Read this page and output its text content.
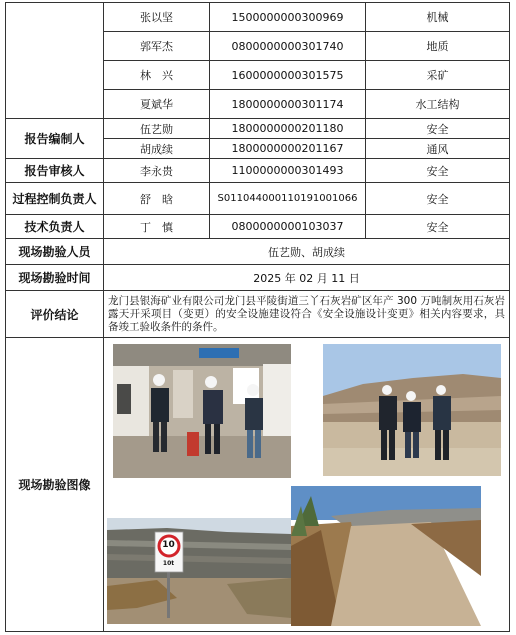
	张以坚	1500000000300969	机械
	郭军杰	0800000000301740	地质
	林　兴	1600000000301575	采矿
	夏斌华	1800000000301174	水工结构
报告编制人	伍艺勋	1800000000201180	安全
	胡成续	1800000000201167	通风
报告审核人	李永贵	1100000000301493	安全
过程控制负责人	舒　晗	S011044000110191001066	安全
技术负责人	丁　慎	0800000000103037	安全
现场勘验人员	伍艺勋、胡成续		
现场勘验时间	2025 年 02 月 11 日		
评价结论	龙门县银海矿业有限公司龙门县平陵街道三丫石灰岩矿区年产 300 万吨制灰用石灰岩露天开采项目（变更）的安全设施建设符合《安全设施设计变更》相关内容要求，具备竣工验收条件的条件。		
现场勘验图像	10
10t		
